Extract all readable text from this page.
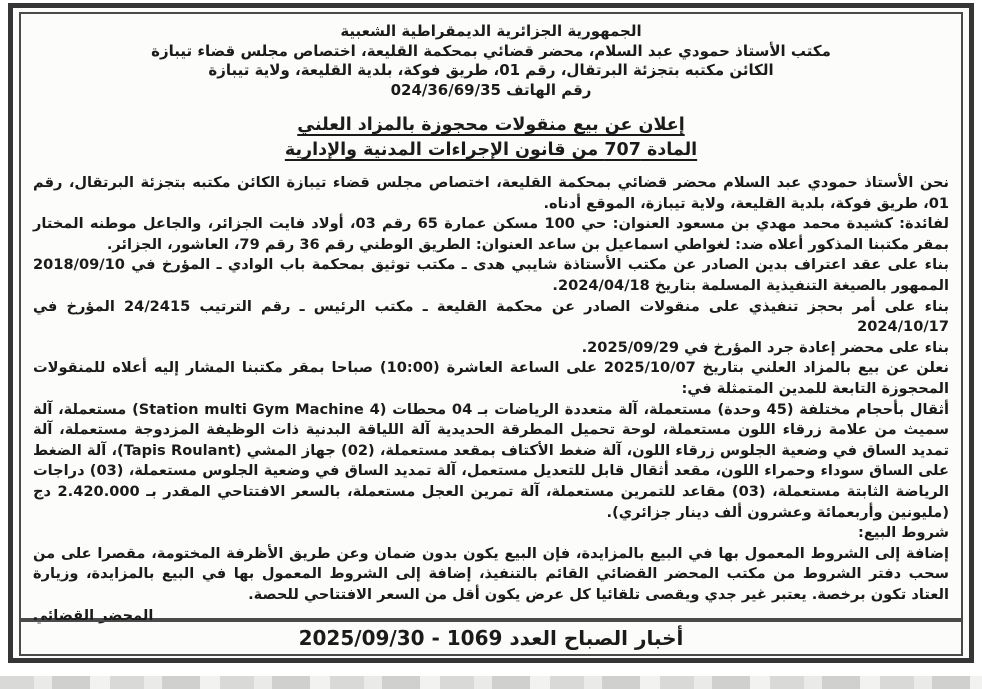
الجمهورية الجزائرية الديمقراطية الشعبية
مكتب الأستاذ حمودي عبد السلام، محضر قضائي بمحكمة القليعة، اختصاص مجلس قضاء تيبازة
الكائن مكتبه بتجزئة البرتقال، رقم 01، طريق فوكة، بلدية القليعة، ولاية تيبازة
رقم الهاتف 024/36/69/35
إعلان عن بيع منقولات محجوزة بالمزاد العلني
المادة 707 من قانون الإجراءات المدنية والإدارية
نحن الأستاذ حمودي عبد السلام محضر قضائي بمحكمة القليعة، اختصاص مجلس قضاء تيبازة الكائن مكتبه بتجزئة البرتقال، رقم 01، طريق فوكة، بلدية القليعة، ولاية تيبازة، الموقع أدناه.
لفائدة: كشيدة محمد مهدي بن مسعود العنوان: حي 100 مسكن عمارة 65 رقم 03، أولاد فايت الجزائر، والجاعل موطنه المختار بمقر مكتبنا المذكور أعلاه ضد: لغواطي اسماعيل بن ساعد العنوان: الطريق الوطني رقم 36 رقم 79، العاشور، الجزائر.
بناء على عقد اعتراف بدين الصادر عن مكتب الأستاذة شايبي هدى ـ مكتب توثيق بمحكمة باب الوادي ـ المؤرخ في 2018/09/10 الممهور بالصيغة التنفيذية المسلمة بتاريخ 2024/04/18.
بناء على أمر بحجز تنفيذي على منقولات الصادر عن محكمة القليعة ـ مكتب الرئيس ـ رقم الترتيب 24/2415 المؤرخ في 2024/10/17
بناء على محضر إعادة جرد المؤرخ في 2025/09/29.
نعلن عن بيع بالمزاد العلني بتاريخ 2025/10/07 على الساعة العاشرة (10:00) صباحا بمقر مكتبنا المشار إليه أعلاه للمنقولات المحجوزة التابعة للمدين المتمثلة في:
أثقال بأحجام مختلفة (45 وحدة) مستعملة، آلة متعددة الرياضات بـ 04 محطات (Station multi Gym Machine 4) مستعملة، آلة سميث من علامة زرقاء اللون مستعملة، لوحة تحميل المطرقة الحديدية آلة اللياقة البدنية ذات الوظيفة المزدوجة مستعملة، آلة تمديد الساق في وضعية الجلوس زرقاء اللون، آلة ضغط الأكتاف بمقعد مستعملة، (02) جهاز المشي (Tapis Roulant)، آلة الضغط على الساق سوداء وحمراء اللون، مقعد أثقال قابل للتعديل مستعمل، آلة تمديد الساق في وضعية الجلوس مستعملة، (03) دراجات الرياضة الثابتة مستعملة، (03) مقاعد للتمرين مستعملة، آلة تمرين العجل مستعملة، بالسعر الافتتاحي المقدر بـ 2.420.000 دج (مليونين وأربعمائة وعشرون ألف دينار جزائري).
شروط البيع:
إضافة إلى الشروط المعمول بها في البيع بالمزايدة، فإن البيع يكون بدون ضمان وعن طريق الأظرفة المختومة، مقصرا على من سحب دفتر الشروط من مكتب المحضر القضائي القائم بالتنفيذ، إضافة إلى الشروط المعمول بها في البيع بالمزايدة، وزيارة العتاد تكون برخصة. يعتبر غير جدي ويقصى تلقائيا كل عرض يكون أقل من السعر الافتتاحي للحصة.
المحضر القضائي
أخبار الصباح العدد 1069 - 2025/09/30
